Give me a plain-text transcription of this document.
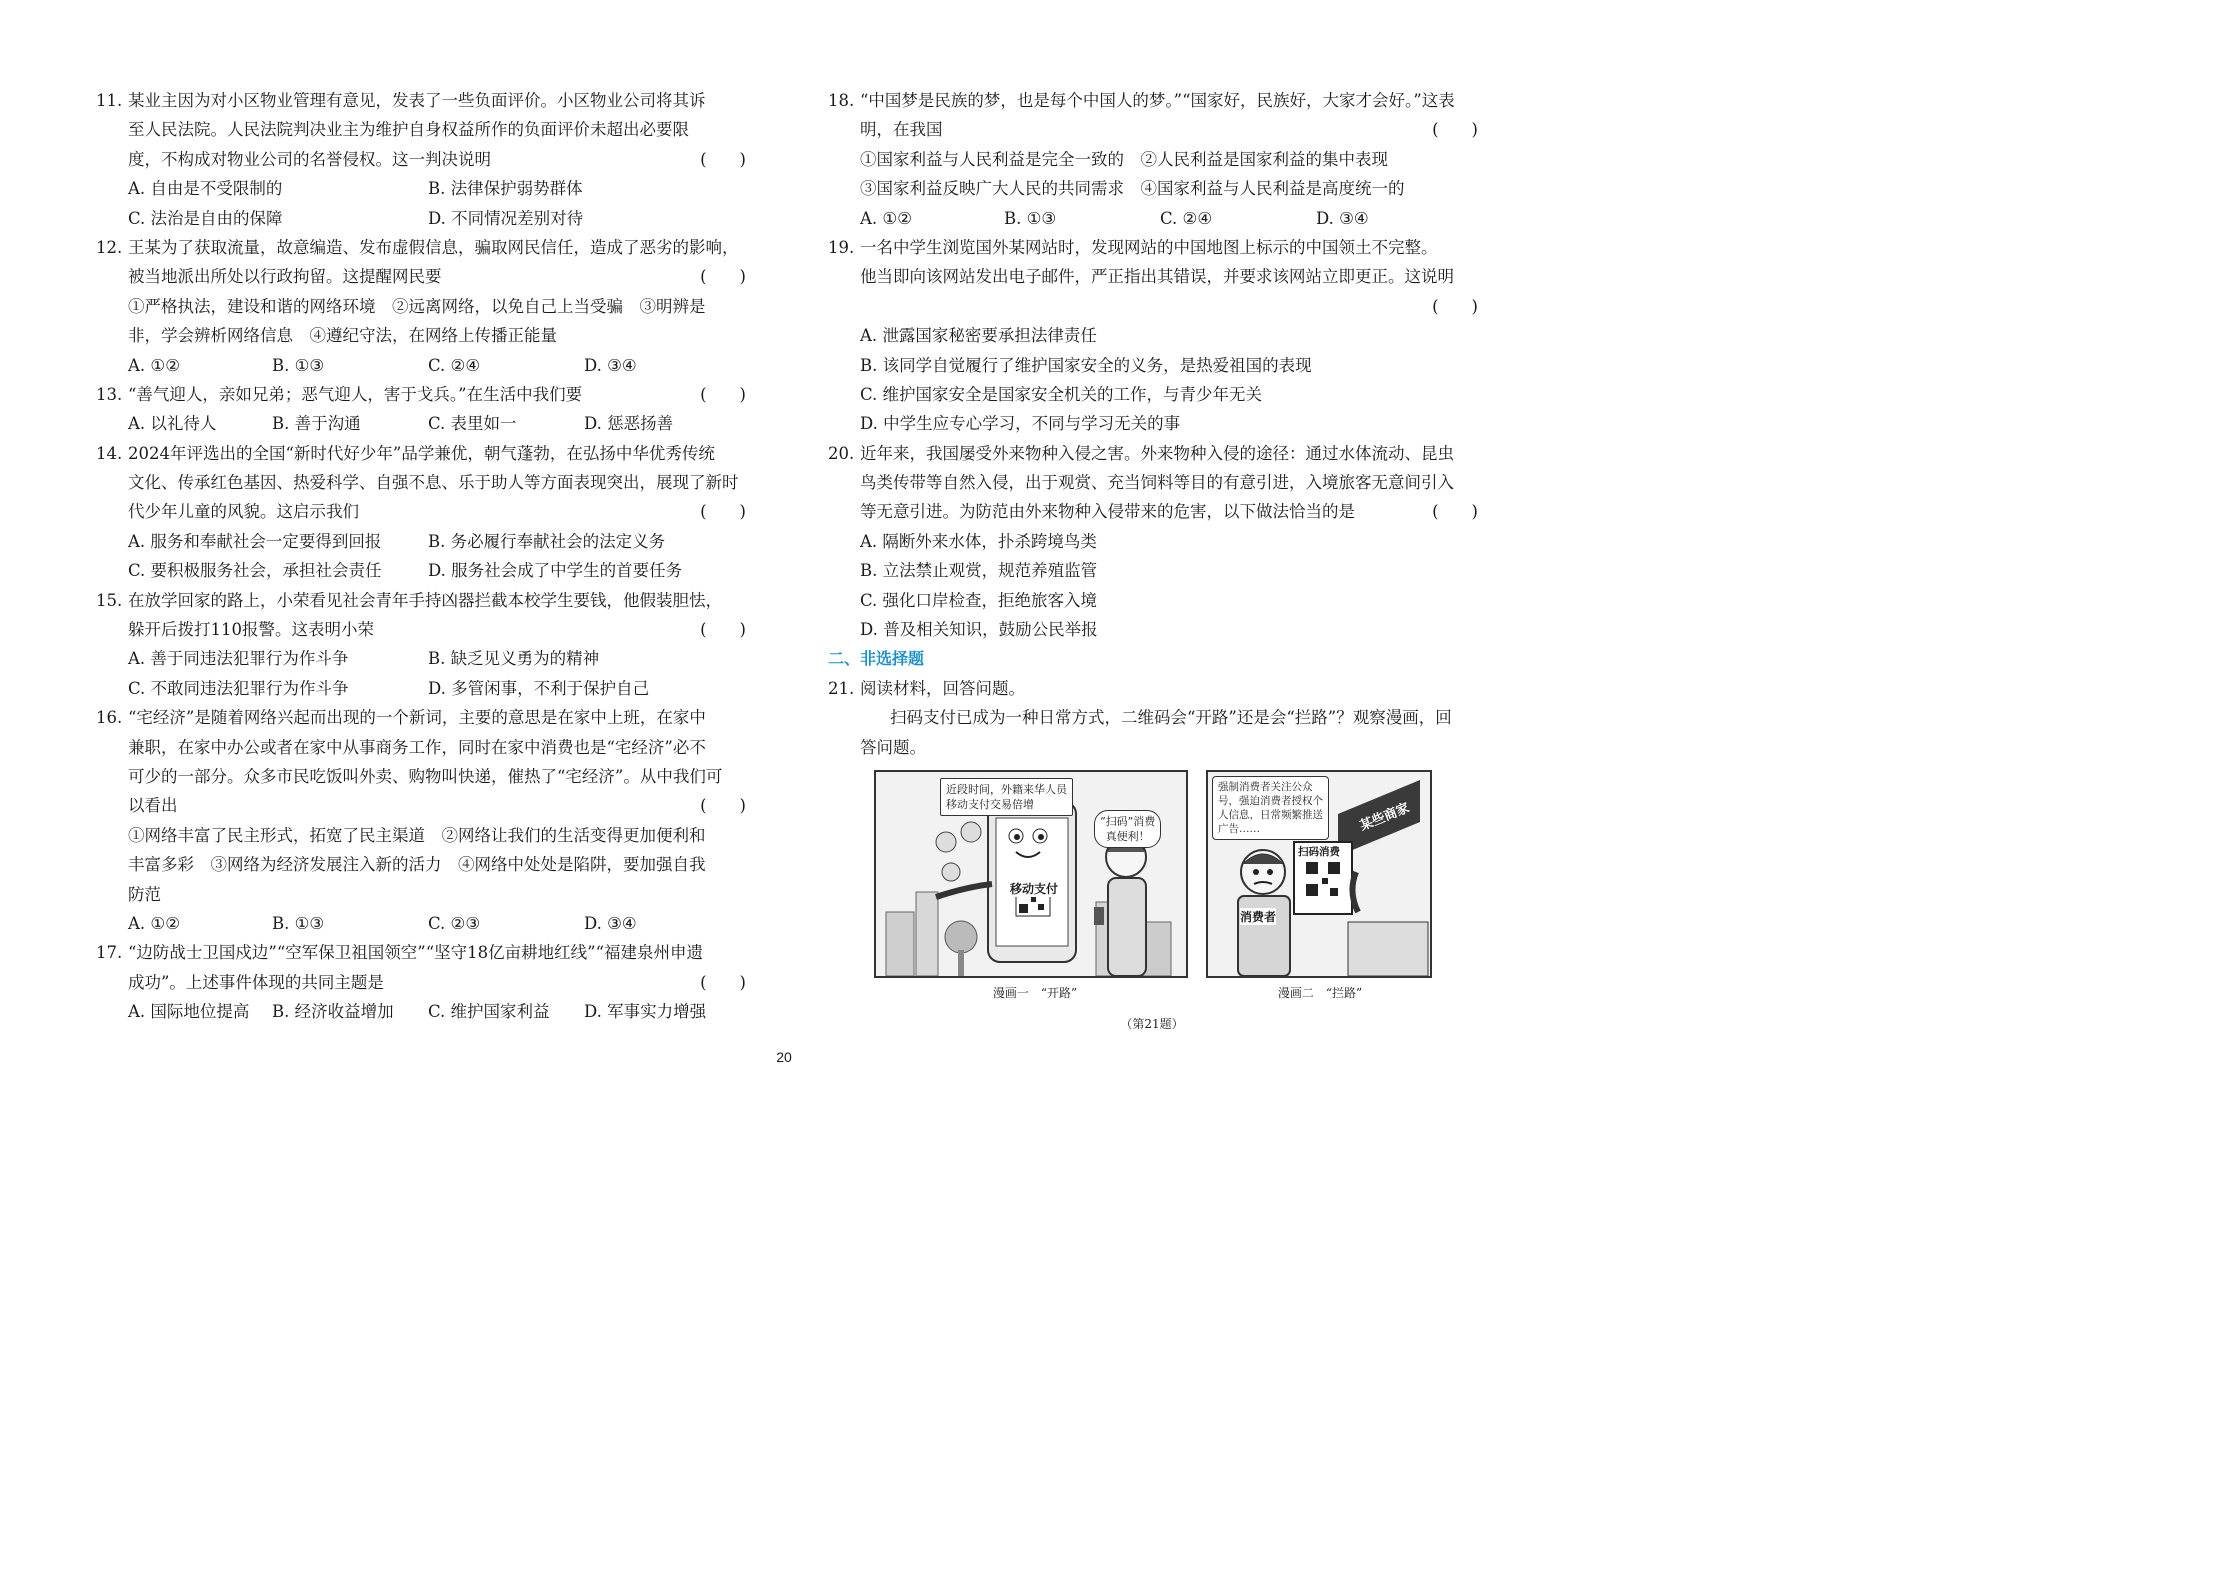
11. 某业主因为对小区物业管理有意见，发表了一些负面评价。小区物业公司将其诉
至人民法院。人民法院判决业主为维护自身权益所作的负面评价未超出必要限
度，不构成对物业公司的名誉侵权。这一判决说明	(　　)
A. 自由是不受限制的	B. 法律保护弱势群体
C. 法治是自由的保障	D. 不同情况差别对待
12. 王某为了获取流量，故意编造、发布虚假信息，骗取网民信任，造成了恶劣的影响，
被当地派出所处以行政拘留。这提醒网民要	(　　)
①严格执法，建设和谐的网络环境　②远离网络，以免自己上当受骗　③明辨是
非，学会辨析网络信息　④遵纪守法，在网络上传播正能量
A. ①②	B. ①③	C. ②④	D. ③④
13. “善气迎人，亲如兄弟；恶气迎人，害于戈兵。”在生活中我们要	(　　)
A. 以礼待人	B. 善于沟通	C. 表里如一	D. 惩恶扬善
14. 2024年评选出的全国“新时代好少年”品学兼优，朝气蓬勃，在弘扬中华优秀传统
文化、传承红色基因、热爱科学、自强不息、乐于助人等方面表现突出，展现了新时
代少年儿童的风貌。这启示我们	(　　)
A. 服务和奉献社会一定要得到回报	B. 务必履行奉献社会的法定义务
C. 要积极服务社会，承担社会责任	D. 服务社会成了中学生的首要任务
15. 在放学回家的路上，小荣看见社会青年手持凶器拦截本校学生要钱，他假装胆怯，
躲开后拨打110报警。这表明小荣	(　　)
A. 善于同违法犯罪行为作斗争	B. 缺乏见义勇为的精神
C. 不敢同违法犯罪行为作斗争	D. 多管闲事，不利于保护自己
16. “宅经济”是随着网络兴起而出现的一个新词，主要的意思是在家中上班，在家中
兼职，在家中办公或者在家中从事商务工作，同时在家中消费也是“宅经济”必不
可少的一部分。众多市民吃饭叫外卖、购物叫快递，催热了“宅经济”。从中我们可
以看出	(　　)
①网络丰富了民主形式，拓宽了民主渠道　②网络让我们的生活变得更加便利和
丰富多彩　③网络为经济发展注入新的活力　④网络中处处是陷阱，要加强自我
防范
A. ①②	B. ①③	C. ②③	D. ③④
17. “边防战士卫国戍边”“空军保卫祖国领空”“坚守18亿亩耕地红线”“福建泉州申遗
成功”。上述事件体现的共同主题是	(　　)
A. 国际地位提高 B. 经济收益增加 C. 维护国家利益 D. 军事实力增强
18. “中国梦是民族的梦，也是每个中国人的梦。”“国家好，民族好，大家才会好。”这表
明，在我国	(　　)
①国家利益与人民利益是完全一致的　②人民利益是国家利益的集中表现
③国家利益反映广大人民的共同需求　④国家利益与人民利益是高度统一的
A. ①②	B. ①③	C. ②④	D. ③④
19. 一名中学生浏览国外某网站时，发现网站的中国地图上标示的中国领土不完整。
他当即向该网站发出电子邮件，严正指出其错误，并要求该网站立即更正。这说明
(　　)
A. 泄露国家秘密要承担法律责任
B. 该同学自觉履行了维护国家安全的义务，是热爱祖国的表现
C. 维护国家安全是国家安全机关的工作，与青少年无关
D. 中学生应专心学习，不同与学习无关的事
20. 近年来，我国屡受外来物种入侵之害。外来物种入侵的途径：通过水体流动、昆虫
鸟类传带等自然入侵，出于观赏、充当饲料等目的有意引进，入境旅客无意间引入
等无意引进。为防范由外来物种入侵带来的危害，以下做法恰当的是	(　　)
A. 隔断外来水体，扑杀跨境鸟类
B. 立法禁止观赏，规范养殖监管
C. 强化口岸检查，拒绝旅客入境
D. 普及相关知识，鼓励公民举报
二、非选择题
21. 阅读材料，回答问题。
扫码支付已成为一种日常方式，二维码会“开路”还是会“拦路”？观察漫画，回
答问题。
近段时间，外籍来华人员
移动支付交易倍增
“扫码”消费
真便利！
移动支付
漫画一　“开路”
强制消费者关注公众
号，强迫消费者授权个
人信息，日常频繁推送
广告……	某些商家
扫码消费
消费者
漫画二　“拦路”
（第21题）
20
